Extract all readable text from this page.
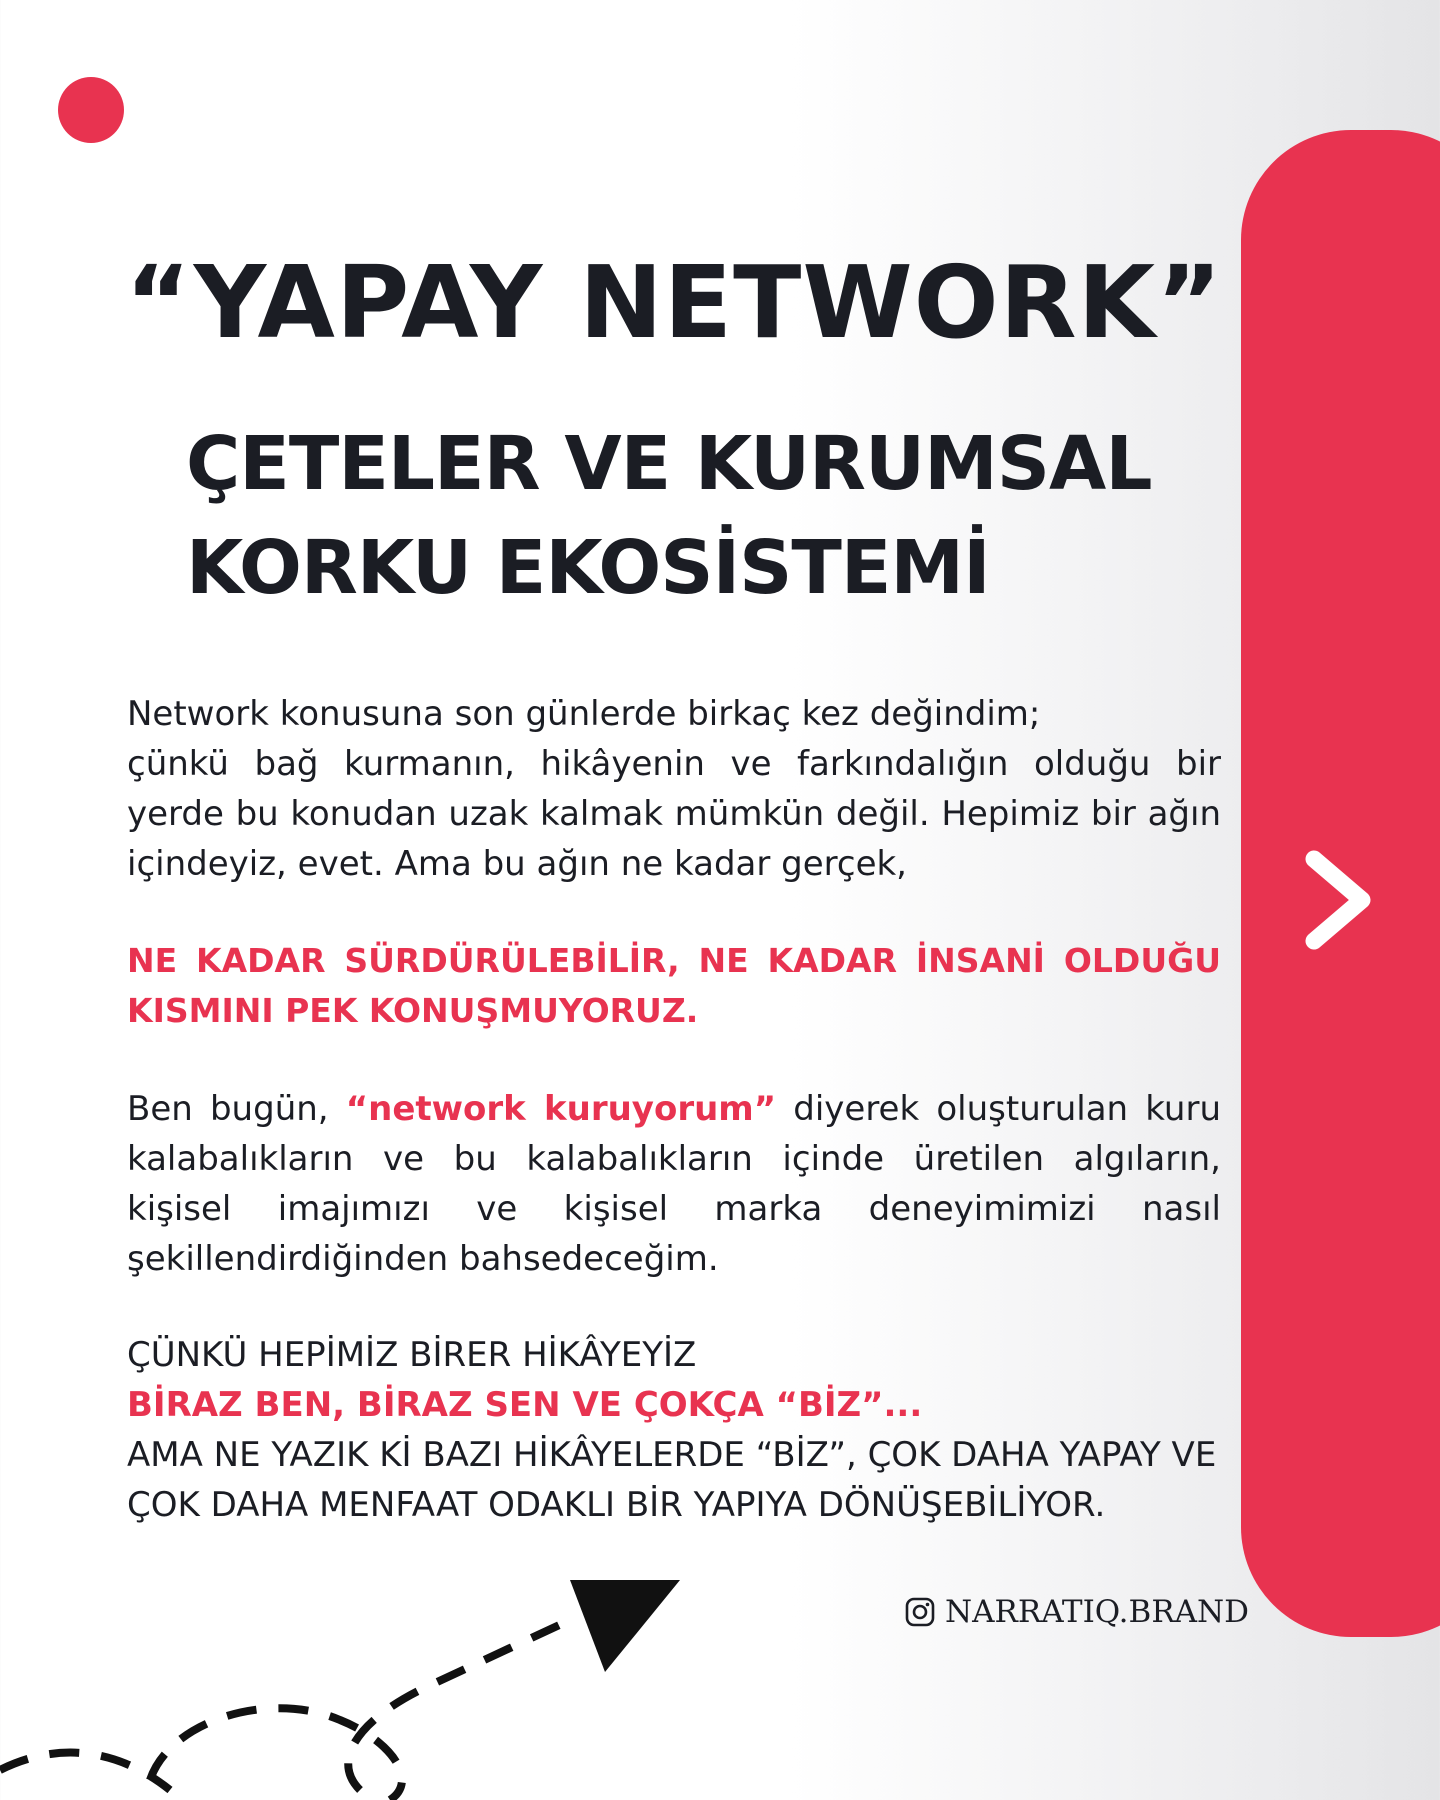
“YAPAY NETWORK”
ÇETELER VE KURUMSAL
KORKU EKOSİSTEMİ
Network konusuna son günlerde birkaç kez değindim;
çünkü bağ kurmanın, hikâyenin ve farkındalığın olduğu bir yerde bu konudan uzak kalmak mümkün değil. Hepimiz bir ağın içindeyiz, evet. Ama bu ağın ne kadar gerçek,
NE KADAR SÜRDÜRÜLEBİLİR, NE KADAR İNSANİ OLDUĞU KISMINI PEK KONUŞMUYORUZ.
Ben bugün, “network kuruyorum” diyerek oluşturulan kuru kalabalıkların ve bu kalabalıkların içinde üretilen algıların, kişisel imajımızı ve kişisel marka deneyimimizi nasıl şekillendirdiğinden bahsedeceğim.
ÇÜNKÜ HEPİMİZ BİRER HİKÂYEYİZ
BİRAZ BEN, BİRAZ SEN VE ÇOKÇA “BİZ”...
AMA NE YAZIK Kİ BAZI HİKÂYELERDE “BİZ”, ÇOK DAHA YAPAY VE ÇOK DAHA MENFAAT ODAKLI BİR YAPIYA DÖNÜŞEBİLİYOR.
NARRATIQ.BRAND
